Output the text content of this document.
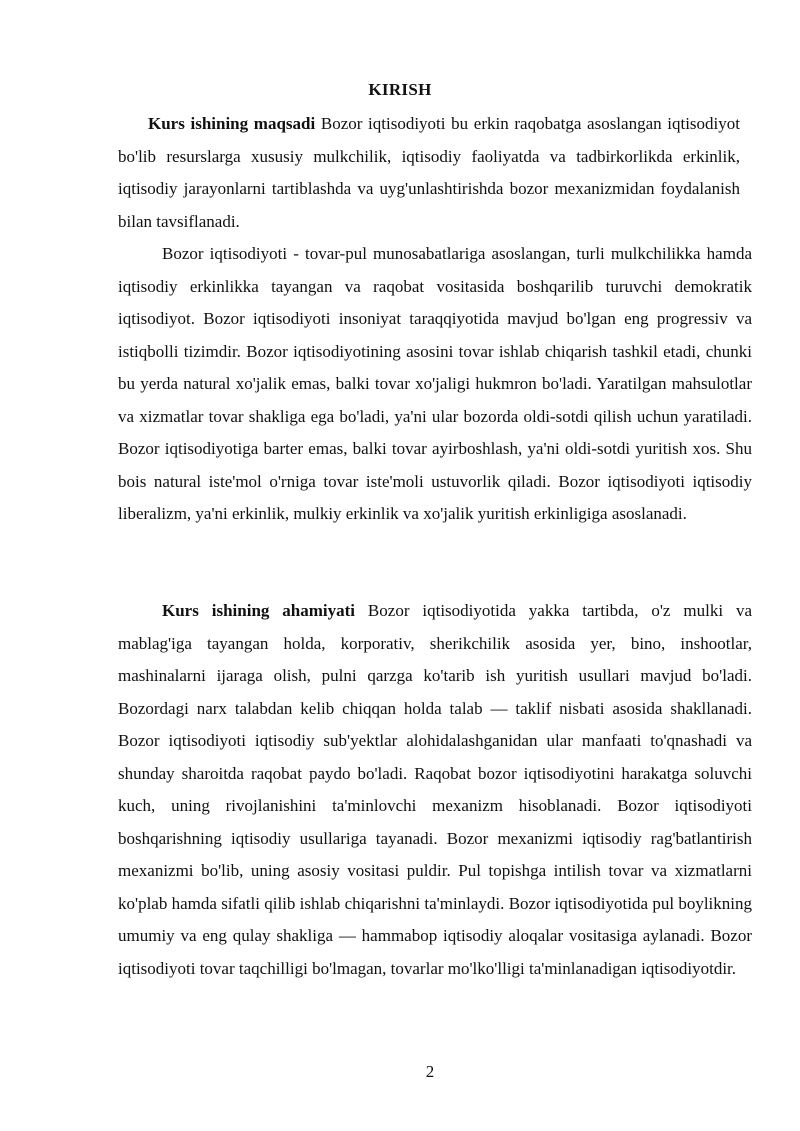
KIRISH

Kurs ishining maqsadi Bozor iqtisodiyoti bu erkin raqobatga asoslangan iqtisodiyot bo'lib resurslarga xususiy mulkchilik, iqtisodiy faoliyatda va tadbirkorlikda erkinlik, iqtisodiy jarayonlarni tartiblashda va uyg'unlashtirishda bozor mexanizmidan foydalanish bilan tavsiflanadi.

Bozor iqtisodiyoti - tovar-pul munosabatlariga asoslangan, turli mulkchilikka hamda iqtisodiy erkinlikka tayangan va raqobat vositasida boshqarilib turuvchi demokratik iqtisodiyot. Bozor iqtisodiyoti insoniyat taraqqiyotida mavjud bo'lgan eng progressiv va istiqbolli tizimdir. Bozor iqtisodiyotining asosini tovar ishlab chiqarish tashkil etadi, chunki bu yerda natural xo'jalik emas, balki tovar xo'jaligi hukmron bo'ladi. Yaratilgan mahsulotlar va xizmatlar tovar shakliga ega bo'ladi, ya'ni ular bozorda oldi-sotdi qilish uchun yaratiladi. Bozor iqtisodiyotiga barter emas, balki tovar ayirboshlash, ya'ni oldi-sotdi yuritish xos. Shu bois natural iste'mol o'rniga tovar iste'moli ustuvorlik qiladi. Bozor iqtisodiyoti iqtisodiy liberalizm, ya'ni erkinlik, mulkiy erkinlik va xo'jalik yuritish erkinligiga asoslanadi.

Kurs ishining ahamiyati Bozor iqtisodiyotida yakka tartibda, o'z mulki va mablag'iga tayangan holda, korporativ, sherikchilik asosida yer, bino, inshootlar, mashinalarni ijaraga olish, pulni qarzga ko'tarib ish yuritish usullari mavjud bo'ladi. Bozordagi narx talabdan kelib chiqqan holda talab — taklif nisbati asosida shakllanadi. Bozor iqtisodiyoti iqtisodiy sub'yektlar alohidalashganidan ular manfaati to'qnashadi va shunday sharoitda raqobat paydo bo'ladi. Raqobat bozor iqtisodiyotini harakatga soluvchi kuch, uning rivojlanishini ta'minlovchi mexanizm hisoblanadi. Bozor iqtisodiyoti boshqarishning iqtisodiy usullariga tayanadi. Bozor mexanizmi iqtisodiy rag'batlantirish mexanizmi bo'lib, uning asosiy vositasi puldir. Pul topishga intilish tovar va xizmatlarni ko'plab hamda sifatli qilib ishlab chiqarishni ta'minlaydi. Bozor iqtisodiyotida pul boylikning umumiy va eng qulay shakliga — hammabop iqtisodiy aloqalar vositasiga aylanadi. Bozor iqtisodiyoti tovar taqchilligi bo'lmagan, tovarlar mo'lko'lligi ta'minlanadigan iqtisodiyotdir.

2
